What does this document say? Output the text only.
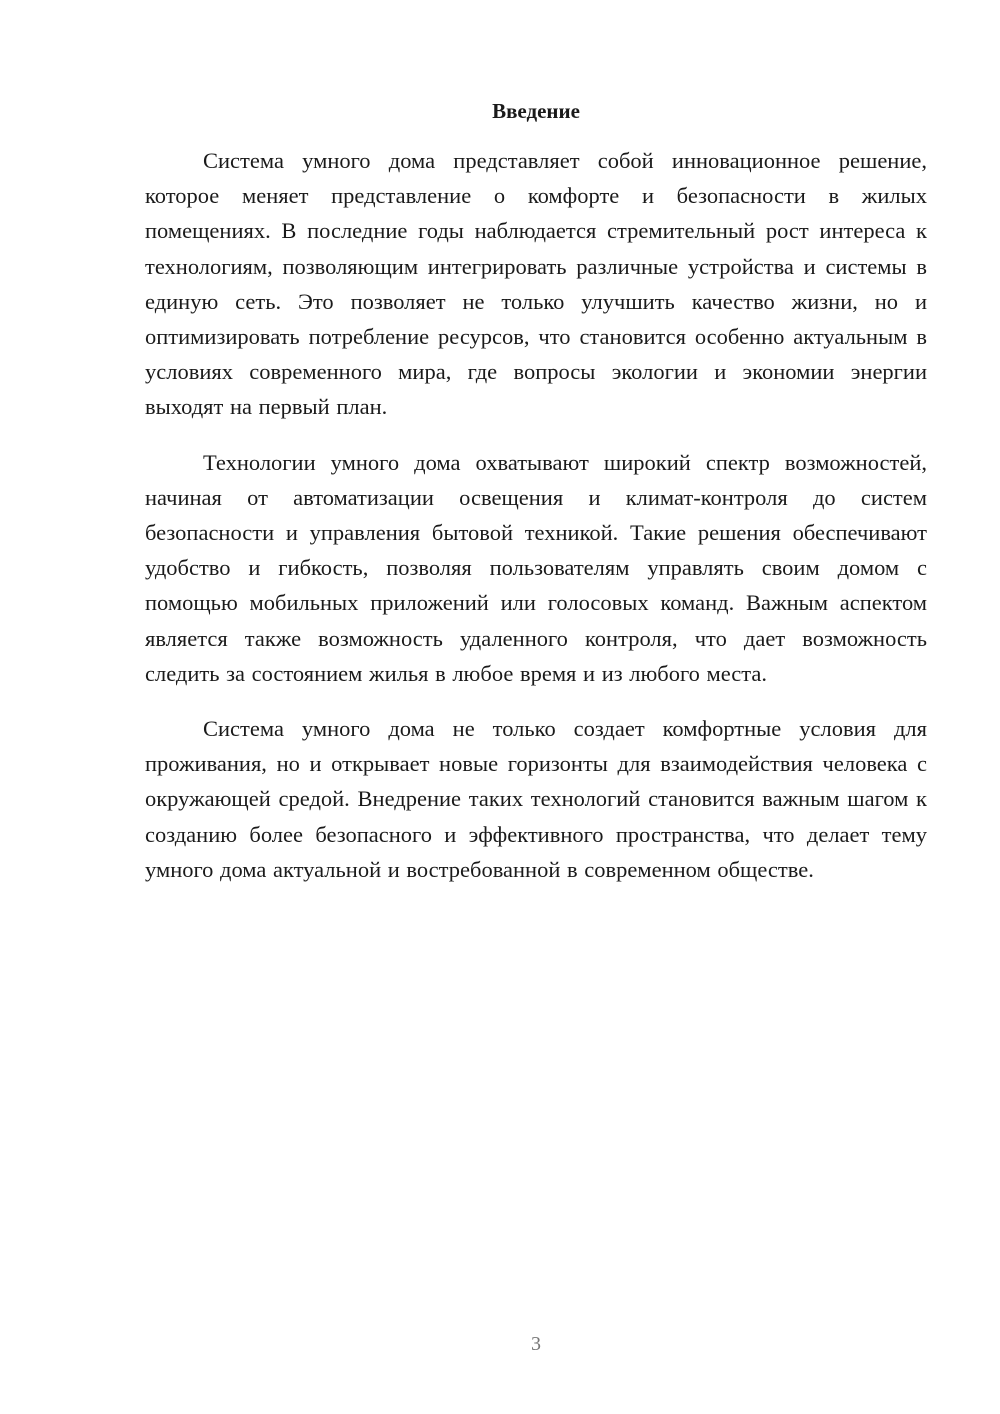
Введение

Система умного дома представляет собой инновационное решение, которое меняет представление о комфорте и безопасности в жилых помещениях. В последние годы наблюдается стремительный рост интереса к технологиям, позволяющим интегрировать различные устройства и системы в единую сеть. Это позволяет не только улучшить качество жизни, но и оптимизировать потребление ресурсов, что становится особенно актуальным в условиях современного мира, где вопросы экологии и экономии энергии выходят на первый план.

Технологии умного дома охватывают широкий спектр возможностей, начиная от автоматизации освещения и климат-контроля до систем безопасности и управления бытовой техникой. Такие решения обеспечивают удобство и гибкость, позволяя пользователям управлять своим домом с помощью мобильных приложений или голосовых команд. Важным аспектом является также возможность удаленного контроля, что дает возможность следить за состоянием жилья в любое время и из любого места.

Система умного дома не только создает комфортные условия для проживания, но и открывает новые горизонты для взаимодействия человека с окружающей средой. Внедрение таких технологий становится важным шагом к созданию более безопасного и эффективного пространства, что делает тему умного дома актуальной и востребованной в современном обществе.

3
